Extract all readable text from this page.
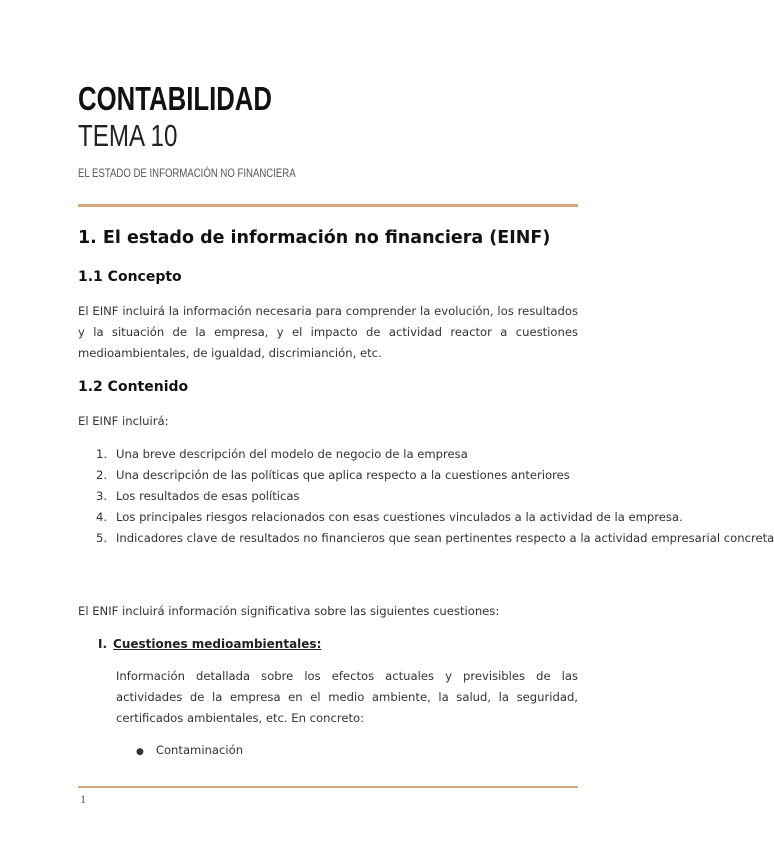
CONTABILIDAD
TEMA 10
EL ESTADO DE INFORMACIÓN NO FINANCIERA
1. El estado de información no financiera (EINF)
1.1 Concepto
El EINF incluirá la información necesaria para comprender la evolución, los resultados y la situación de la empresa, y el impacto de actividad reactor a cuestiones medioambientales, de igualdad, discrimianción, etc.
1.2 Contenido
El EINF incluirá:
1. Una breve descripción del modelo de negocio de la empresa
2. Una descripción de las políticas que aplica respecto a la cuestiones anteriores
3. Los resultados de esas políticas
4. Los principales riesgos relacionados con esas cuestiones vinculados a la actividad de la empresa.
5. Indicadores clave de resultados no financieros que sean pertinentes respecto a la actividad empresarial concreta
El ENIF incluirá información significativa sobre las siguientes cuestiones:
I. Cuestiones medioambientales:
Información detallada sobre los efectos actuales y previsibles de las actividades de la empresa en el medio ambiente, la salud, la seguridad, certificados ambientales, etc. En concreto:
● Contaminación
1
